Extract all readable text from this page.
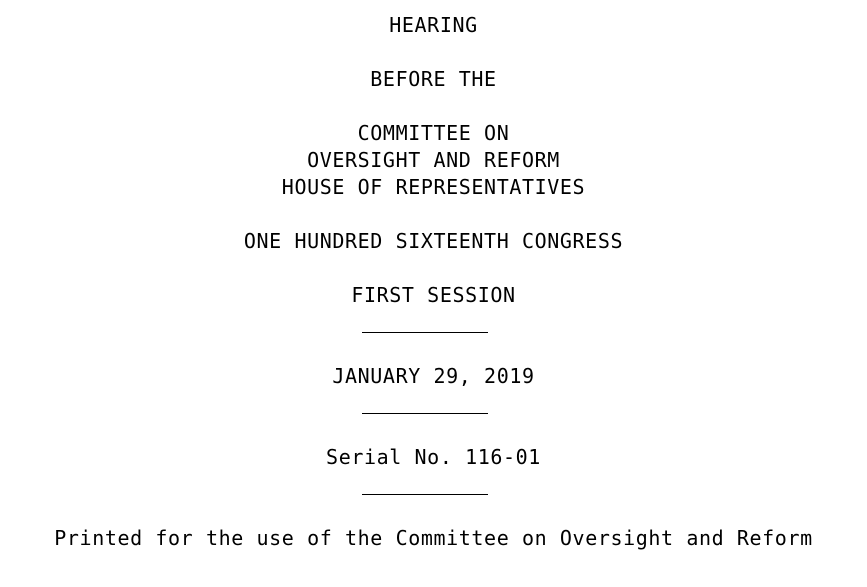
HEARING
BEFORE THE
COMMITTEE ON
OVERSIGHT AND REFORM
HOUSE OF REPRESENTATIVES
ONE HUNDRED SIXTEENTH CONGRESS
FIRST SESSION
JANUARY 29, 2019
Serial No. 116-01
Printed for the use of the Committee on Oversight and Reform
